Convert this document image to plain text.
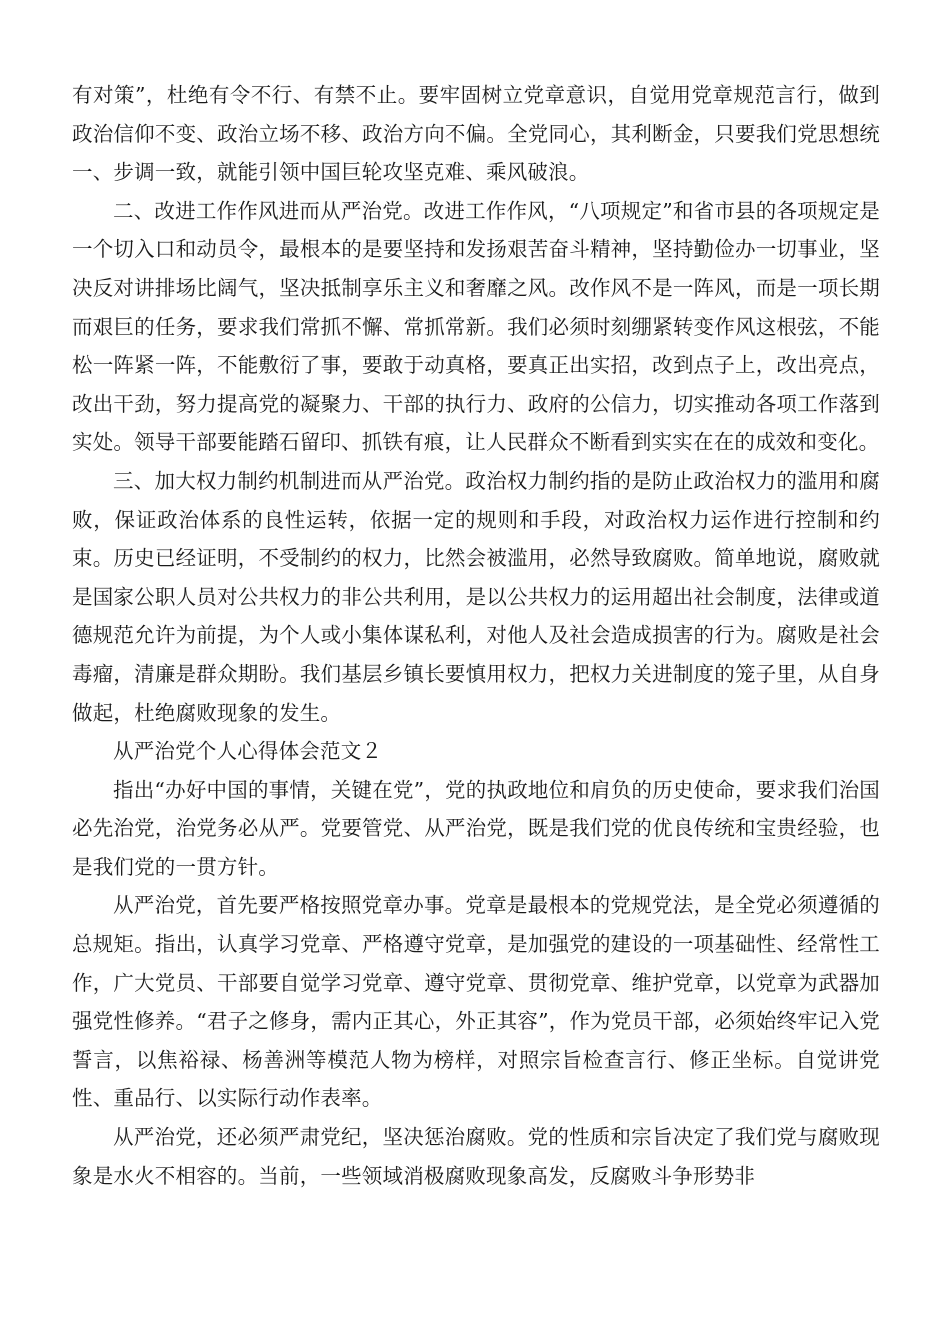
有对策”，杜绝有令不行、有禁不止。要牢固树立党章意识，自觉用党章规范言行，做到政治信仰不变、政治立场不移、政治方向不偏。全党同心，其利断金，只要我们党思想统一、步调一致，就能引领中国巨轮攻坚克难、乘风破浪。

二、改进工作作风进而从严治党。改进工作作风，“八项规定”和省市县的各项规定是一个切入口和动员令，最根本的是要坚持和发扬艰苦奋斗精神，坚持勤俭办一切事业，坚决反对讲排场比阔气，坚决抵制享乐主义和奢靡之风。改作风不是一阵风，而是一项长期而艰巨的任务，要求我们常抓不懈、常抓常新。我们必须时刻绷紧转变作风这根弦，不能松一阵紧一阵，不能敷衍了事，要敢于动真格，要真正出实招，改到点子上，改出亮点，改出干劲，努力提高党的凝聚力、干部的执行力、政府的公信力，切实推动各项工作落到实处。领导干部要能踏石留印、抓铁有痕，让人民群众不断看到实实在在的成效和变化。

三、加大权力制约机制进而从严治党。政治权力制约指的是防止政治权力的滥用和腐败，保证政治体系的良性运转，依据一定的规则和手段，对政治权力运作进行控制和约束。历史已经证明，不受制约的权力，比然会被滥用，必然导致腐败。简单地说，腐败就是国家公职人员对公共权力的非公共利用，是以公共权力的运用超出社会制度，法律或道德规范允许为前提，为个人或小集体谋私利，对他人及社会造成损害的行为。腐败是社会毒瘤，清廉是群众期盼。我们基层乡镇长要慎用权力，把权力关进制度的笼子里，从自身做起，杜绝腐败现象的发生。

从严治党个人心得体会范文２

指出“办好中国的事情，关键在党”，党的执政地位和肩负的历史使命，要求我们治国必先治党，治党务必从严。党要管党、从严治党，既是我们党的优良传统和宝贵经验，也是我们党的一贯方针。

从严治党，首先要严格按照党章办事。党章是最根本的党规党法，是全党必须遵循的总规矩。指出，认真学习党章、严格遵守党章，是加强党的建设的一项基础性、经常性工作，广大党员、干部要自觉学习党章、遵守党章、贯彻党章、维护党章，以党章为武器加强党性修养。“君子之修身，需内正其心，外正其容”，作为党员干部，必须始终牢记入党誓言，以焦裕禄、杨善洲等模范人物为榜样，对照宗旨检查言行、修正坐标。自觉讲党性、重品行、以实际行动作表率。

从严治党，还必须严肃党纪，坚决惩治腐败。党的性质和宗旨决定了我们党与腐败现象是水火不相容的。当前，一些领域消极腐败现象高发，反腐败斗争形势非
